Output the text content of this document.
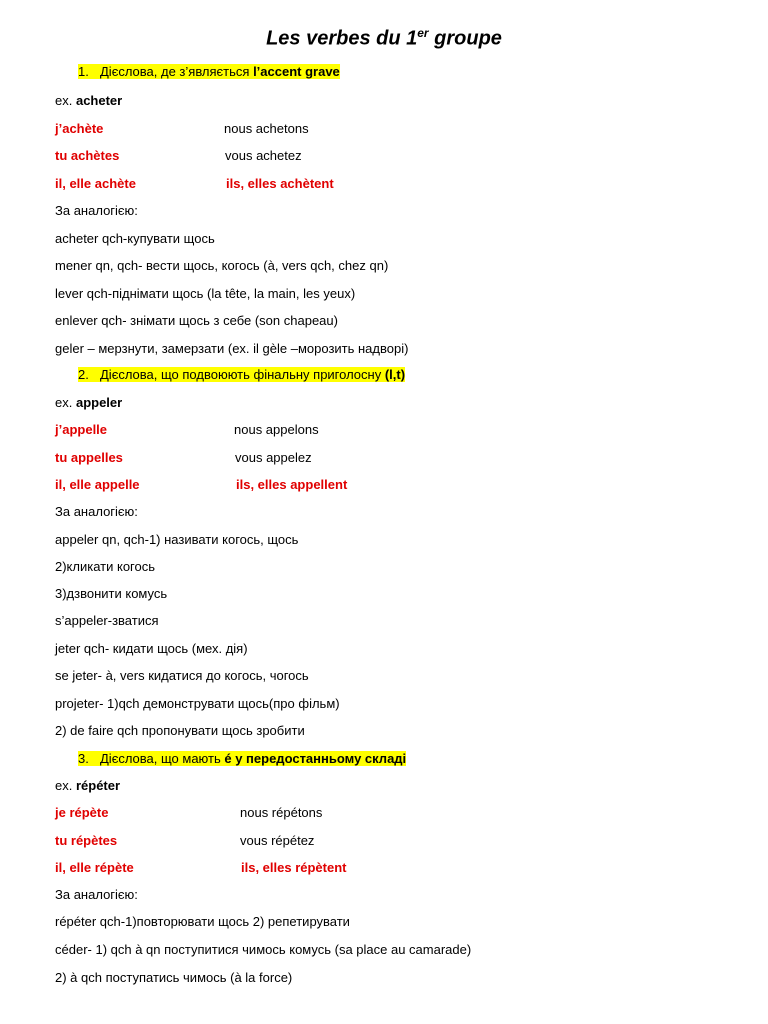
Les verbes du 1er groupe
1. Дієслова, де з’являється l’accent grave
ex. acheter
j’achète	nous achetons
tu achètes	vous achetez
il, elle achète	ils, elles achètent
За аналогією:
acheter qch-купувати щось
mener qn, qch- вести щось, когось (à, vers qch, chez qn)
lever qch-піднімати щось (la tête, la main, les yeux)
enlever qch- знімати щось з себе (son chapeau)
geler – мерзнути, замерзати (ex. il gèle –морозить надворі)
2. Дієслова, що подвоюють фінальну приголосну (l,t)
ex. appeler
j’appelle	nous appelons
tu appelles	vous appelez
il, elle appelle	ils, elles appellent
За аналогією:
appeler qn, qch-1) називати когось, щось
2)кликати когось
3)дзвонити комусь
s’appeler-зватися
jeter qch- кидати щось (мех. дія)
se jeter- à, vers кидатися до когось, чогось
projeter- 1)qch демонструвати щось(про фільм)
2) de faire qch пропонувати щось зробити
3. Дієслова, що мають é у передостанньому складі
ex. répéter
je répète	nous répétons
tu répètes	vous répétez
il, elle répète	ils, elles répètent
За аналогією:
répéter qch-1)повторювати щось 2) репетирувати
céder- 1) qch à qn поступитися чимось комусь (sa place au camarade)
2) à qch поступатись чимось (à la force)
